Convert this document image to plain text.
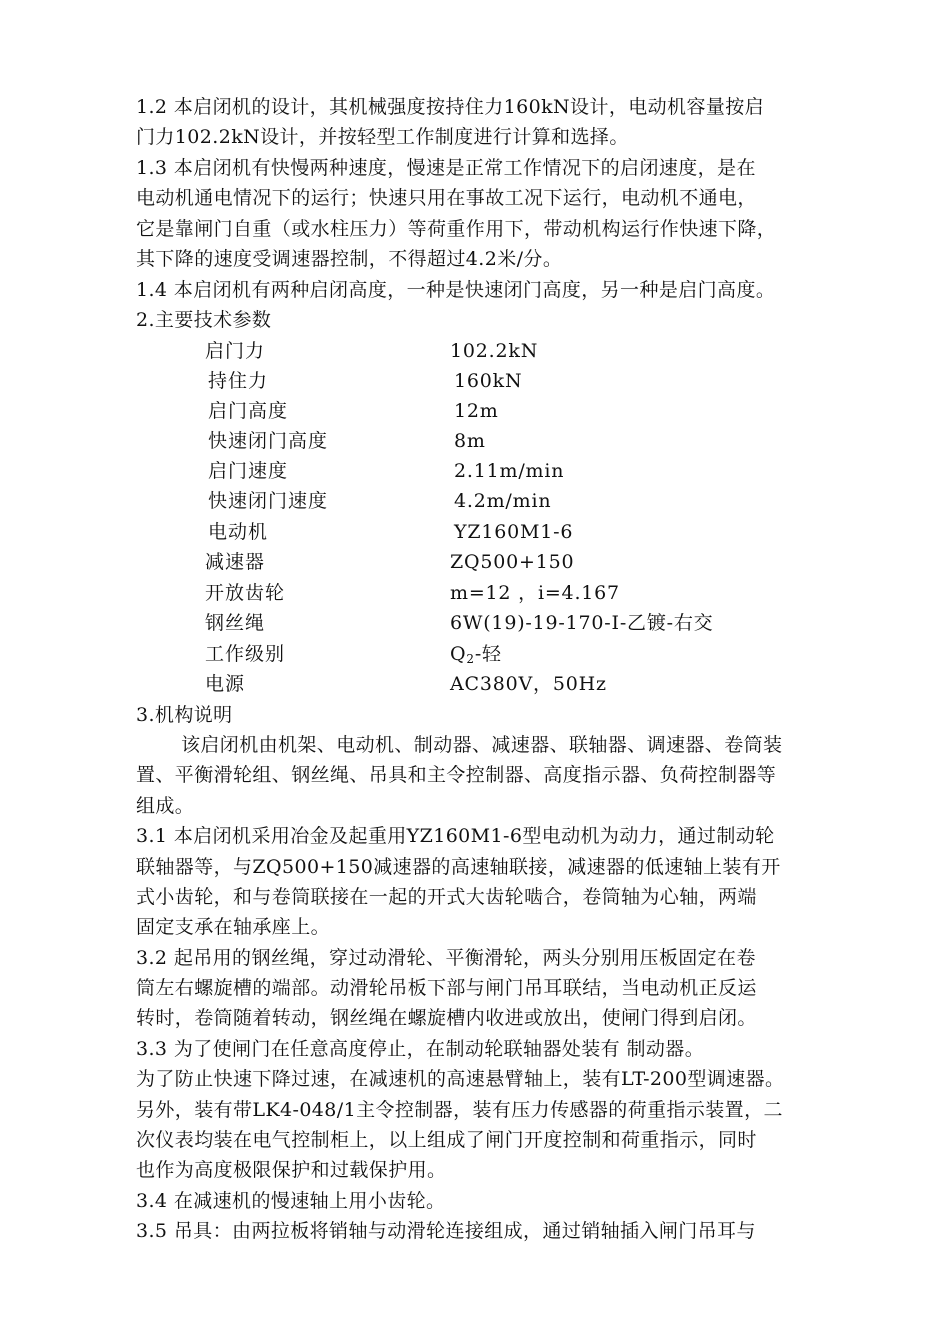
1.2 本启闭机的设计，其机械强度按持住力160kN设计，电动机容量按启
门力102.2kN设计，并按轻型工作制度进行计算和选择。
1.3 本启闭机有快慢两种速度，慢速是正常工作情况下的启闭速度，是在
电动机通电情况下的运行；快速只用在事故工况下运行，电动机不通电，
它是靠闸门自重（或水柱压力）等荷重作用下，带动机构运行作快速下降，
其下降的速度受调速器控制，不得超过4.2米/分。
1.4 本启闭机有两种启闭高度，一种是快速闭门高度，另一种是启门高度。
2.主要技术参数
启门力	102.2kN
持住力	160kN
启门高度	12m
快速闭门高度	8m
启门速度	2.11m/min
快速闭门速度	4.2m/min
电动机	YZ160M1-6
减速器	ZQ500+150
开放齿轮	m=12 ，i=4.167
钢丝绳	6W(19)-19-170-I-乙镀-右交
工作级别	$Q_2-$轻
电源	AC380V，50Hz
3.机构说明
该启闭机由机架、电动机、制动器、减速器、联轴器、调速器、卷筒装
置、平衡滑轮组、钢丝绳、吊具和主令控制器、高度指示器、负荷控制器等
组成。
3.1 本启闭机采用冶金及起重用YZ160M1-6型电动机为动力，通过制动轮
联轴器等，与ZQ500+150减速器的高速轴联接，减速器的低速轴上装有开
式小齿轮，和与卷筒联接在一起的开式大齿轮啮合，卷筒轴为心轴，两端
固定支承在轴承座上。
3.2 起吊用的钢丝绳，穿过动滑轮、平衡滑轮，两头分别用压板固定在卷
筒左右螺旋槽的端部。动滑轮吊板下部与闸门吊耳联结，当电动机正反运
转时，卷筒随着转动，钢丝绳在螺旋槽内收进或放出，使闸门得到启闭。
3.3 为了使闸门在任意高度停止，在制动轮联轴器处装有 制动器。
为了防止快速下降过速，在减速机的高速悬臂轴上，装有LT-200型调速器。
另外，装有带LK4-048/1主令控制器，装有压力传感器的荷重指示装置，二
次仪表均装在电气控制柜上，以上组成了闸门开度控制和荷重指示，同时
也作为高度极限保护和过载保护用。
3.4 在减速机的慢速轴上用小齿轮。
3.5 吊具：由两拉板将销轴与动滑轮连接组成，通过销轴插入闸门吊耳与
